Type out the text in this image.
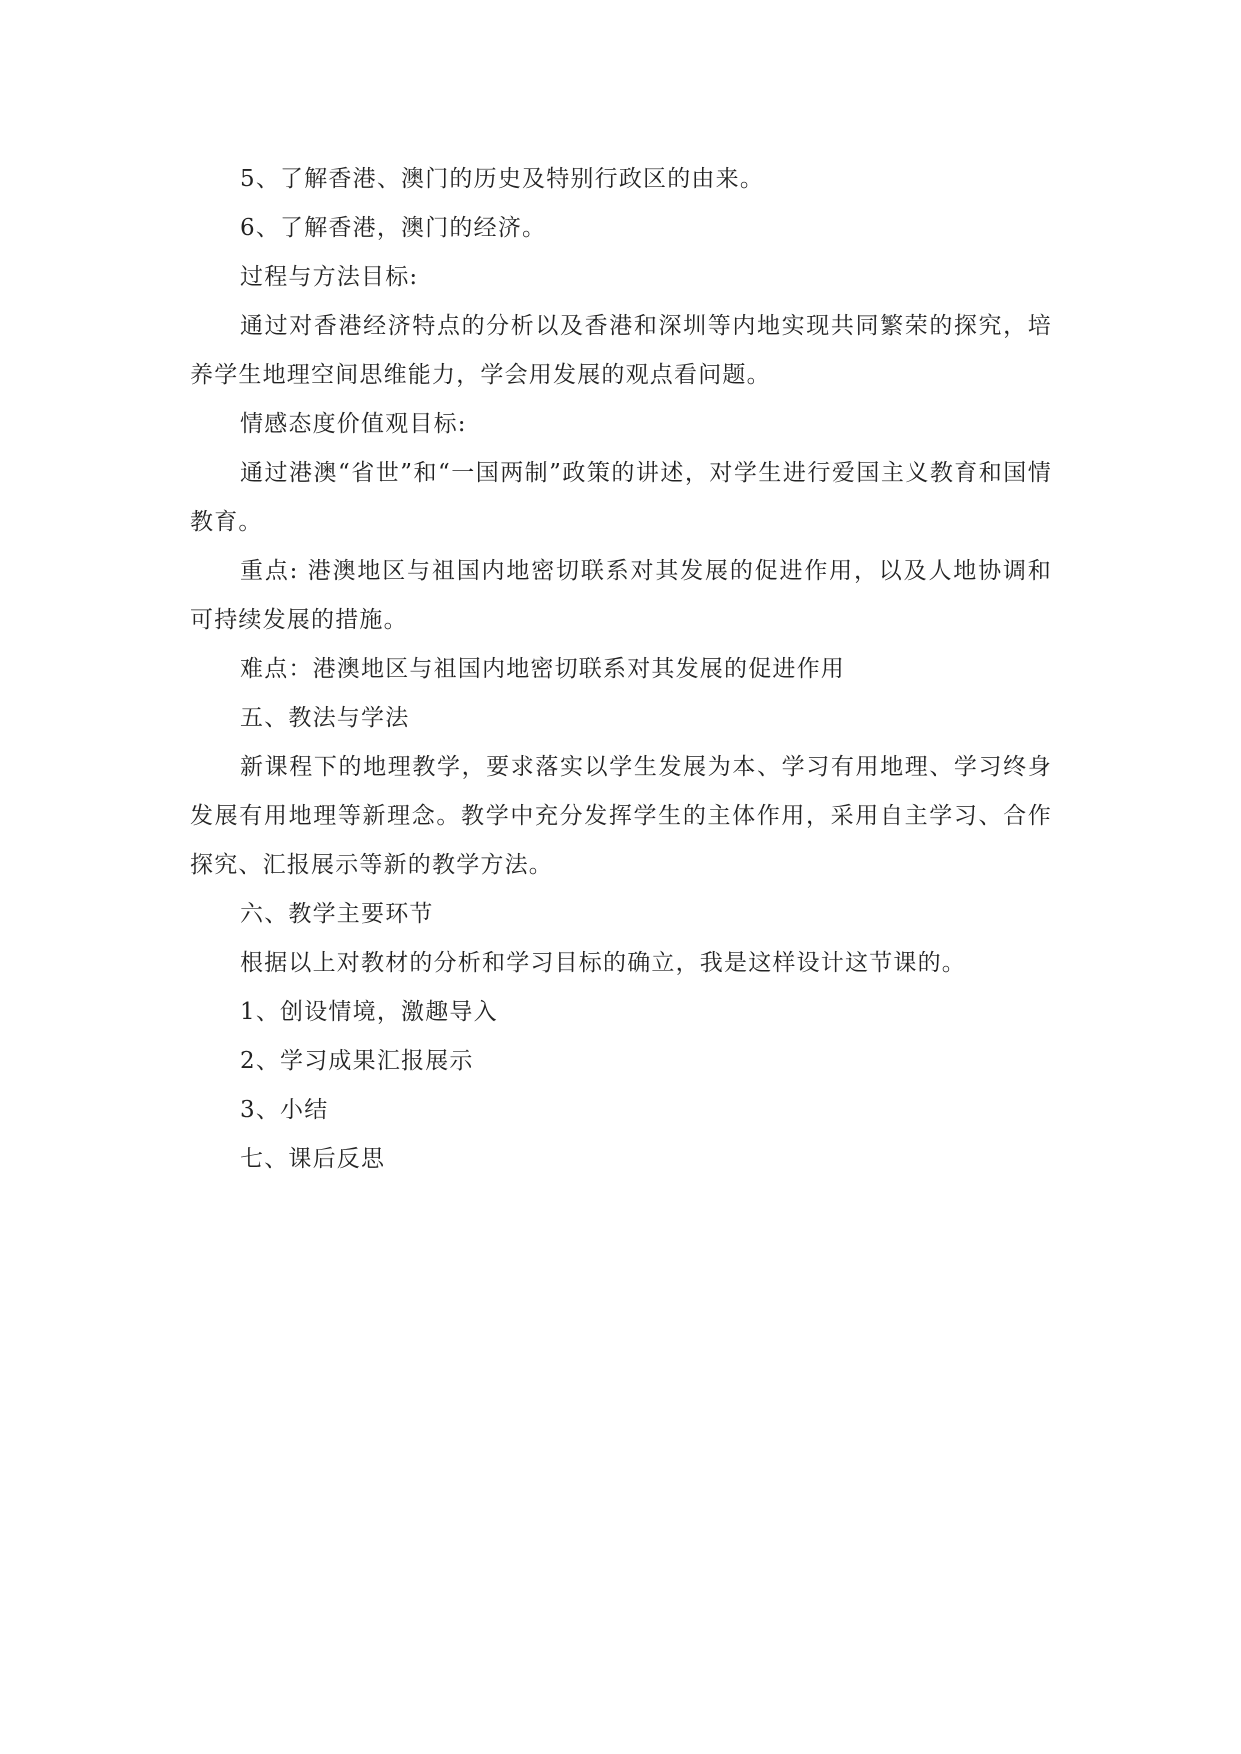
5、了解香港、澳门的历史及特别行政区的由来。

6、了解香港，澳门的经济。

过程与方法目标:

通过对香港经济特点的分析以及香港和深圳等内地实现共同繁荣的探究，培养学生地理空间思维能力，学会用发展的观点看问题。

情感态度价值观目标:

通过港澳“省世”和“一国两制”政策的讲述，对学生进行爱国主义教育和国情教育。

重点: 港澳地区与祖国内地密切联系对其发展的促进作用，以及人地协调和可持续发展的措施。

难点：港澳地区与祖国内地密切联系对其发展的促进作用

五、教法与学法

新课程下的地理教学，要求落实以学生发展为本、学习有用地理、学习终身发展有用地理等新理念。教学中充分发挥学生的主体作用，采用自主学习、合作探究、汇报展示等新的教学方法。

六、教学主要环节

根据以上对教材的分析和学习目标的确立，我是这样设计这节课的。

1、创设情境，激趣导入

2、学习成果汇报展示

3、小结

七、课后反思
